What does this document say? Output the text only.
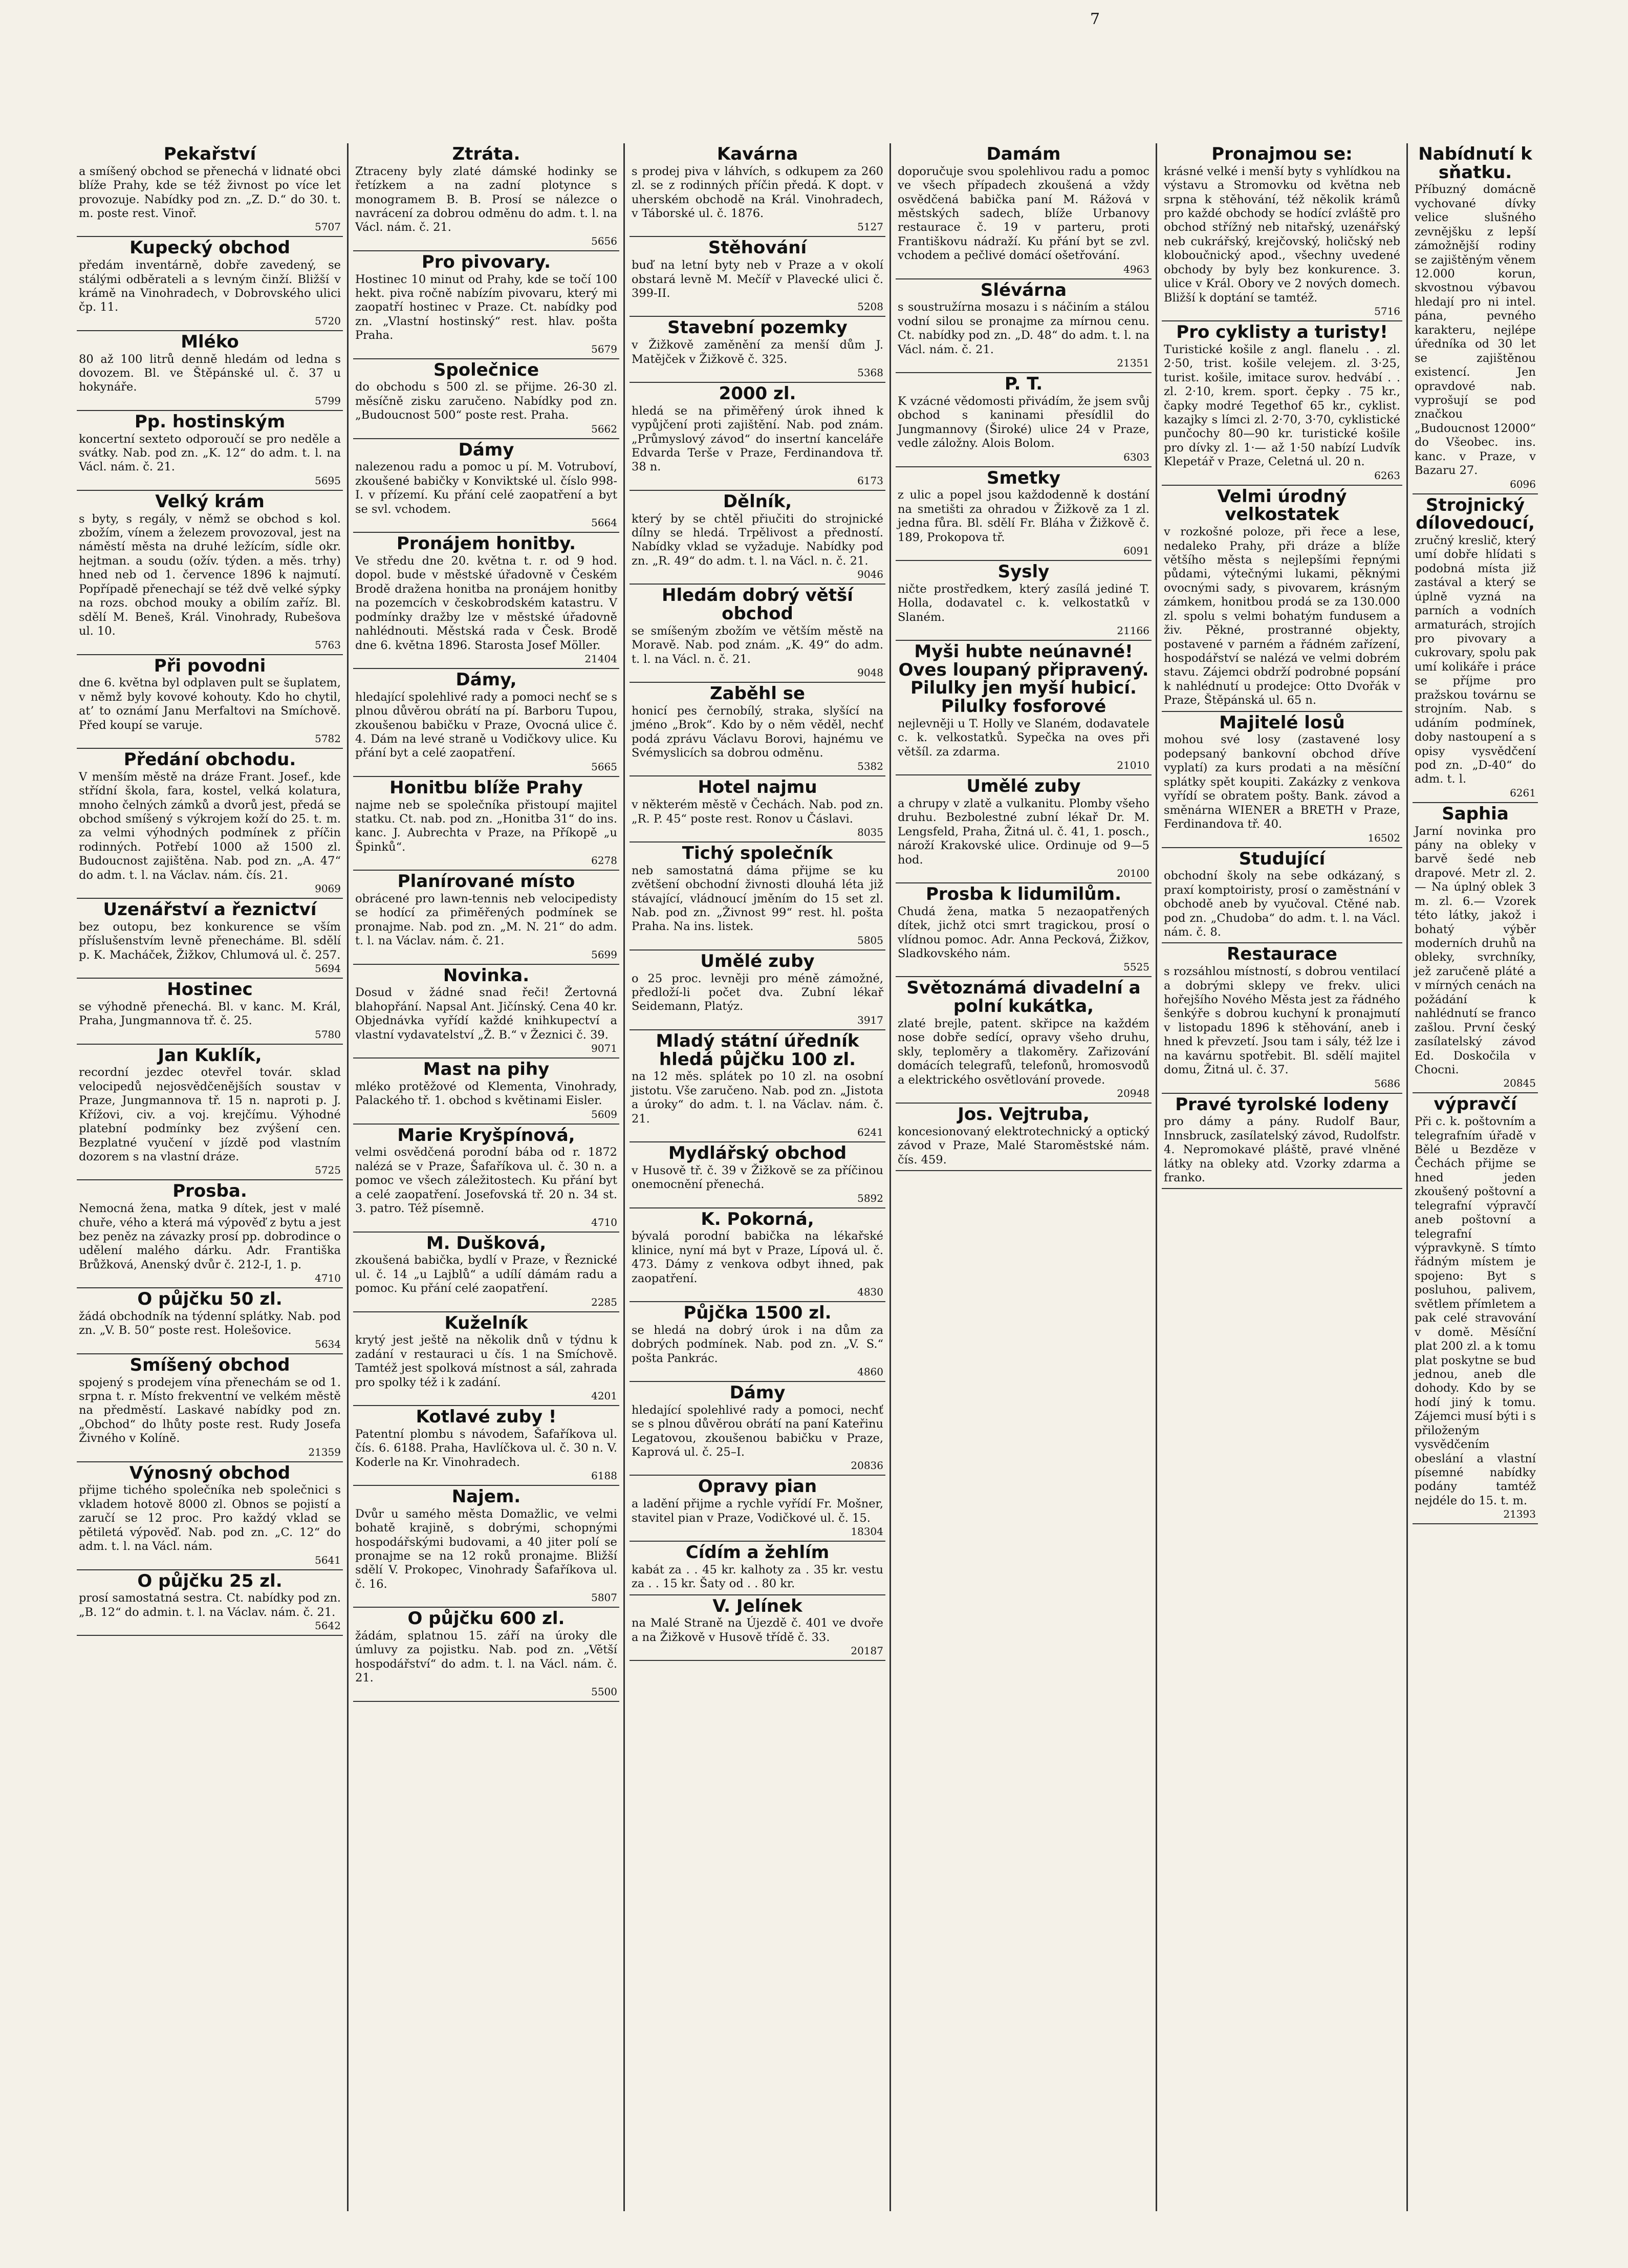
Pekařství

a smíšený obchod se přenechá v lidnaté obci blíže Prahy, kde se též živnost po více let provozuje. Nabídky pod zn. „Z. D.“ do 30. t. m. poste rest. Vinoř.

5707
Kupecký obchod

předám inventárně, dobře zavedený, se stálými odběrateli a s levným činží. Bližší v krámě na Vinohradech, v Dobrovského ulici čp. 11.

5720
Mléko

80 až 100 litrů denně hledám od ledna s dovozem. Bl. ve Štěpánské ul. č. 37 u hokynáře.

5799
Pp. hostinským

koncertní sexteto odporoučí se pro neděle a svátky. Nab. pod zn. „K. 12“ do adm. t. l. na Václ. nám. č. 21.

5695
Velký krám

s byty, s regály, v němž se obchod s kol. zbožím, vínem a železem provozoval, jest na náměstí města na druhé ležícím, sídle okr. hejtman. a soudu (ožív. týden. a měs. trhy) hned neb od 1. července 1896 k najmutí. Popřípadě přenechají se též dvě velké sýpky na rozs. obchod mouky a obilím zaříz. Bl. sdělí M. Beneš, Král. Vinohrady, Rubešova ul. 10.

5763
Při povodni

dne 6. května byl odplaven pult se šuplatem, v němž byly kovové kohouty. Kdo ho chytil, at’ to oznámí Janu Merfaltovi na Smíchově. Před koupí se varuje.

5782
Předání obchodu.

V menším městě na dráze Frant. Josef., kde střídní škola, fara, kostel, velká kolatura, mnoho čelných zámků a dvorů jest, předá se obchod smíšený s výkrojem koží do 25. t. m. za velmi výhodných podmínek z příčin rodinných. Potřebí 1000 až 1500 zl. Budoucnost zajištěna. Nab. pod zn. „A. 47“ do adm. t. l. na Václav. nám. čís. 21.

9069
Uzenářství a řeznictví

bez outopu, bez konkurence se vším příslušenstvím levně přenecháme. Bl. sdělí p. K. Macháček, Žižkov, Chlumová ul. č. 257.

5694
Hostinec

se výhodně přenechá. Bl. v kanc. M. Král, Praha, Jungmannova tř. č. 25.

5780
Jan Kuklík,

recordní jezdec otevřel továr. sklad velocipedů nejosvědčenějších soustav v Praze, Jungmannova tř. 15 n. naproti p. J. Křížovi, civ. a voj. krejčímu. Výhodné platební podmínky bez zvýšení cen. Bezplatné vyučení v jízdě pod vlastním dozorem s na vlastní dráze.

5725
Prosba.

Nemocná žena, matka 9 dítek, jest v malé chuře, vého a která má výpověď z bytu a jest bez peněz na závazky prosí pp. dobrodince o udělení malého dárku. Adr. Františka Brůžková, Anenský dvůr č. 212-I, 1. p.

4710
O půjčku 50 zl.

žádá obchodník na týdenní splátky. Nab. pod zn. „V. B. 50“ poste rest. Holešovice.

5634
Smíšený obchod

spojený s prodejem vína přenechám se od 1. srpna t. r. Místo frekventní ve velkém městě na předměstí. Laskavé nabídky pod zn. „Obchod“ do lhůty poste rest. Rudy Josefa Živného v Kolíně.

21359
Výnosný obchod

přijme tichého společníka neb společnici s vkladem hotově 8000 zl. Obnos se pojistí a zaručí se 12 proc. Pro každý vklad se pětiletá výpověď. Nab. pod zn. „C. 12“ do adm. t. l. na Václ. nám.

5641
O půjčku 25 zl.

prosí samostatná sestra. Ct. nabídky pod zn. „B. 12“ do admin. t. l. na Václav. nám. č. 21.

5642
Ztráta.

Ztraceny byly zlaté dámské hodinky se řetízkem a na zadní plotynce s monogramem B. B. Prosí se nálezce o navrácení za dobrou odměnu do adm. t. l. na Václ. nám. č. 21.

5656
Pro pivovary.

Hostinec 10 minut od Prahy, kde se točí 100 hekt. piva ročně nabízím pivovaru, který mi zaopatří hostinec v Praze. Ct. nabídky pod zn. „Vlastní hostinský“ rest. hlav. pošta Praha.

5679
Společnice

do obchodu s 500 zl. se přijme. 26-30 zl. měsíčně zisku zaručeno. Nabídky pod zn. „Budoucnost 500“ poste rest. Praha.

5662
Dámy

nalezenou radu a pomoc u pí. M. Votruboví, zkoušené babičky v Konviktské ul. číslo 998-I. v přízemí. Ku přání celé zaopatření a byt se svl. vchodem.

5664
Pronájem honitby.

Ve středu dne 20. května t. r. od 9 hod. dopol. bude v městské úřadovně v Českém Brodě dražena honitba na pronájem honitby na pozemcích v českobrodském katastru. V podmínky dražby lze v městské úřadovně nahlédnouti. Městská rada v Česk. Brodě dne 6. května 1896. Starosta Josef Möller.

21404
Dámy,

hledající spolehlivé rady a pomoci nechť se s plnou důvěrou obrátí na pí. Barboru Tupou, zkoušenou babičku v Praze, Ovocná ulice č. 4. Dám na levé straně u Vodičkovy ulice. Ku přání byt a celé zaopatření.

5665
Honitbu blíže Prahy

najme neb se společníka přistoupí majitel statku. Ct. nab. pod zn. „Honitba 31“ do ins. kanc. J. Aubrechta v Praze, na Příkopě „u Špinků“.

6278
Planírované místo

obrácené pro lawn-tennis neb velocipedisty se hodící za přiměřených podmínek se pronajme. Nab. pod zn. „M. N. 21“ do adm. t. l. na Václav. nám. č. 21.

5699
Novinka.

Dosud v žádné snad řeči! Žertovná blahopřání. Napsal Ant. Jičínský. Cena 40 kr. Objednávka vyřídí každé knihkupectví a vlastní vydavatelství „Ž. B.“ v Žeznici č. 39.

9071
Mast na pihy

mléko protěžové od Klementa, Vinohrady, Palackého tř. 1. obchod s květinami Eisler.

5609
Marie Kryšpínová,

velmi osvědčená porodní bába od r. 1872 nalézá se v Praze, Šafaříkova ul. č. 30 n. a pomoc ve všech záležitostech. Ku přání byt a celé zaopatření. Josefovská tř. 20 n. 34 st. 3. patro. Též písemně.

4710
M. Dušková,

zkoušená babička, bydlí v Praze, v Řeznické ul. č. 14 „u Lajblů“ a udílí dámám radu a pomoc. Ku přání celé zaopatření.

2285
Kuželník

krytý jest ještě na několik dnů v týdnu k zadání v restauraci u čís. 1 na Smíchově. Tamtéž jest spolková místnost a sál, zahrada pro spolky též i k zadání.

4201
Kotlavé zuby !

Patentní plombu s návodem, Šafaříkova ul. čís. 6. 6188. Praha, Havlíčkova ul. č. 30 n. V. Koderle na Kr. Vinohradech.

6188
Najem.

Dvůr u samého města Domažlic, ve velmi bohatě krajině, s dobrými, schopnými hospodářskými budovami, a 40 jiter polí se pronajme se na 12 roků pronajme. Bližší sdělí V. Prokopec, Vinohrady Šafaříkova ul. č. 16.

5807
O půjčku 600 zl.

žádám, splatnou 15. září na úroky dle úmluvy za pojistku. Nab. pod zn. „Větší hospodářství“ do adm. t. l. na Václ. nám. č. 21.

5500
Kavárna

s prodej piva v láhvích, s odkupem za 260 zl. se z rodinných příčin předá. K dopt. v uherském obchodě na Král. Vinohradech, v Táborské ul. č. 1876.

5127
Stěhování

buď na letní byty neb v Praze a v okolí obstará levně M. Mečíř v Plavecké ulici č. 399-II.

5208
Stavební pozemky

v Žižkově zaměnění za menší dům J. Matějček v Žižkově č. 325.

5368
2000 zl.

hledá se na přiměřený úrok ihned k vypůjčení proti zajištění. Nab. pod znám. „Průmyslový závod“ do insertní kanceláře Edvarda Terše v Praze, Ferdinandova tř. 38 n.

6173
Dělník,

který by se chtěl přiučiti do strojnické dílny se hledá. Trpělivost a předností. Nabídky vklad se vyžaduje. Nabídky pod zn. „R. 49“ do adm. t. l. na Václ. n. č. 21.

9046
Hledám dobrý větší obchod

se smíšeným zbožím ve větším městě na Moravě. Nab. pod znám. „K. 49“ do adm. t. l. na Václ. n. č. 21.

9048
Zaběhl se

honicí pes černobílý, straka, slyšící na jméno „Brok“. Kdo by o něm věděl, nechť podá zprávu Václavu Borovi, hajnému ve Svémyslicích sa dobrou odměnu.

5382
Hotel najmu

v některém městě v Čechách. Nab. pod zn. „R. P. 45“ poste rest. Ronov u Čáslavi.

8035
Tichý společník

neb samostatná dáma přijme se ku zvětšení obchodní živnosti dlouhá léta již stávající, vládnoucí jměním do 15 set zl. Nab. pod zn. „Živnost 99“ rest. hl. pošta Praha. Na ins. listek.

5805
Umělé zuby

o 25 proc. levněji pro méně zámožné, předloží-li počet dva. Zubní lékař Seidemann, Platýz.

3917
Mladý státní úředník hledá půjčku 100 zl.

na 12 měs. splátek po 10 zl. na osobní jistotu. Vše zaručeno. Nab. pod zn. „Jistota a úroky“ do adm. t. l. na Václav. nám. č. 21.

6241
Mydlářský obchod

v Husově tř. č. 39 v Žižkově se za příčinou onemocnění přenechá.

5892
K. Pokorná,

bývalá porodní babička na lékařské klinice, nyní má byt v Praze, Lípová ul. č. 473. Dámy z venkova odbyt ihned, pak zaopatření.

4830
Půjčka 1500 zl.

se hledá na dobrý úrok i na dům za dobrých podmínek. Nab. pod zn. „V. S.“ pošta Pankrác.

4860
Dámy

hledající spolehlivé rady a pomoci, nechť se s plnou důvěrou obrátí na paní Kateřinu Legatovou, zkoušenou babičku v Praze, Kaprová ul. č. 25–I.

20836
Opravy pian

a ladění přijme a rychle vyřídí Fr. Mošner, stavitel pian v Praze, Vodičkové ul. č. 15.

18304
Cídím a žehlím

kabát za . . 45 kr. kalhoty za . 35 kr. vestu za . . 15 kr. Šaty od . . 80 kr.

V. Jelínek

na Malé Straně na Újezdě č. 401 ve dvoře a na Žižkově v Husově třídě č. 33.

20187
Damám

doporučuje svou spolehlivou radu a pomoc ve všech případech zkoušená a vždy osvědčená babička paní M. Rážová v městských sadech, blíže Urbanovy restaurace č. 19 v parteru, proti Františkovu nádraží. Ku přání byt se zvl. vchodem a pečlivé domácí ošetřování.

4963
Slévárna

s soustružírna mosazu i s náčiním a stálou vodní silou se pronajme za mírnou cenu. Ct. nabídky pod zn. „D. 48“ do adm. t. l. na Václ. nám. č. 21.

21351
P. T.

K vzácné vědomosti přivádím, že jsem svůj obchod s kaninami přesídlil do Jungmannovy (Široké) ulice 24 v Praze, vedle záložny. Alois Bolom.

6303
Smetky

z ulic a popel jsou každodenně k dostání na smetišti za ohradou v Žižkově za 1 zl. jedna fůra. Bl. sdělí Fr. Bláha v Žižkově č. 189, Prokopova tř.

6091
Sysly

ničte prostředkem, který zasílá jediné T. Holla, dodavatel c. k. velkostatků v Slaném.

21166
Myši hubte neúnavné! Oves loupaný připravený. Pilulky jen myší hubicí. Pilulky fosforové

nejlevněji u T. Holly ve Slaném, dodavatele c. k. velkostatků. Sypečka na oves při většíl. za zdarma.

21010
Umělé zuby

a chrupy v zlatě a vulkanitu. Plomby všeho druhu. Bezbolestné zubní lékař Dr. M. Lengsfeld, Praha, Žitná ul. č. 41, 1. posch., nároží Krakovské ulice. Ordinuje od 9—5 hod.

20100
Prosba k lidumilům.

Chudá žena, matka 5 nezaopatřených dítek, jichž otci smrt tragickou, prosí o vlídnou pomoc. Adr. Anna Pecková, Žižkov, Sladkovského nám.

5525
Světoznámá divadelní a polní kukátka,

zlaté brejle, patent. skřipce na každém nose dobře sedící, opravy všeho druhu, skly, teploměry a tlakoměry. Zařizování domácích telegrafů, telefonů, hromosvodů a elektrického osvětlování provede.

20948
Jos. Vejtruba,

koncesionovaný elektrotechnický a optický závod v Praze, Malé Staroměstské nám. čís. 459.

Pronajmou se:

krásné velké i menší byty s vyhlídkou na výstavu a Stromovku od května neb srpna k stěhování, též několik krámů pro každé obchody se hodící zvláště pro obchod střížný neb nitařský, uzenářský neb cukrářský, krejčovský, holičský neb kloboučnický apod., všechny uvedené obchody by byly bez konkurence. 3. ulice v Král. Obory ve 2 nových domech. Bližší k doptání se tamtéž.

5716
Pro cyklisty a turisty!

Turistické košile z angl. flanelu . . zl. 2·50, trist. košile velejem. zl. 3·25, turist. košile, imitace surov. hedvábí . . zl. 2·10, krem. sport. čepky . 75 kr., čapky modré Tegethof 65 kr., cyklist. kazajky s límci zl. 2·70, 3·70, cyklistické punčochy 80—90 kr. turistické košile pro dívky zl. 1·— až 1·50 nabízí Ludvík Klepetář v Praze, Celetná ul. 20 n.

6263
Velmi úrodný velkostatek

v rozkošné poloze, při řece a lese, nedaleko Prahy, při dráze a blíže většího města s nejlepšími řepnými půdami, výtečnými lukami, pěknými ovocnými sady, s pivovarem, krásným zámkem, honitbou prodá se za 130.000 zl. spolu s velmi bohatým fundusem a živ. Pěkné, prostranné objekty, postavené v parném a řádném zařízení, hospodářství se nalézá ve velmi dobrém stavu. Zájemci obdrží podrobné popsání k nahlédnutí u prodejce: Otto Dvořák v Praze, Štěpánská ul. 65 n.

Majitelé losů

mohou své losy (zastavené losy podepsaný bankovní obchod dříve vyplatí) za kurs prodati a na měsíční splátky spět koupiti. Zakázky z venkova vyřídí se obratem pošty. Bank. závod a směnárna WIENER a BRETH v Praze, Ferdinandova tř. 40.

16502
Studující

obchodní školy na sebe odkázaný, s praxí komptoiristy, prosí o zaměstnání v obchodě aneb by vyučoval. Ctěné nab. pod zn. „Chudoba“ do adm. t. l. na Václ. nám. č. 8.

Restaurace

s rozsáhlou místností, s dobrou ventilací a dobrými sklepy ve frekv. ulici hořejšího Nového Města jest za řádného šenkýře s dobrou kuchyní k pronajmutí v listopadu 1896 k stěhování, aneb i hned k převzetí. Jsou tam i sály, též lze i na kavárnu spotřebit. Bl. sdělí majitel domu, Žitná ul. č. 37.

5686
Pravé tyrolské lodeny

pro dámy a pány. Rudolf Baur, Innsbruck, zasílatelský závod, Rudolfstr. 4. Nepromokavé pláště, pravé vlněné látky na obleky atd. Vzorky zdarma a franko.

Nabídnutí k sňatku.

Příbuzný domácně vychované dívky velice slušného zevnějšku z lepší zámožnější rodiny se zajištěným věnem 12.000 korun, skvostnou výbavou hledají pro ni intel. pána, pevného karakteru, nejlépe úředníka od 30 let se zajištěnou existencí. Jen opravdové nab. vyprošují se pod značkou „Budoucnost 12000“ do Všeobec. ins. kanc. v Praze, v Bazaru 27.

6096
Strojnický dílovedoucí,

zručný kreslič, který umí dobře hlídati s podobná místa již zastával a který se úplně vyzná na parních a vodních armaturách, strojích pro pivovary a cukrovary, spolu pak umí kolikáře i práce se příjme pro pražskou továrnu se strojním. Nab. s udáním podmínek, doby nastoupení a s opisy vysvědčení pod zn. „D-40“ do adm. t. l.

6261
Saphia

Jarní novinka pro pány na obleky v barvě šedé neb drapové. Metr zl. 2.— Na úplný oblek 3 m. zl. 6.— Vzorek této látky, jakož i bohatý výběr moderních druhů na obleky, svrchníky, jež zaručeně pláté a v mírných cenách na požádání k nahlédnutí se franco zašlou. První český zasílatelský závod Ed. Doskočila v Chocni.

20845
výpravčí

Při c. k. poštovním a telegrafním úřadě v Bělé u Bezděze v Čechách přijme se hned jeden zkoušený poštovní a telegrafní výpravčí aneb poštovní a telegrafní výpravkyně. S tímto řádným místem je spojeno: Byt s posluhou, palivem, světlem přímletem a pak celé stravování v domě. Měsíční plat 200 zl. a k tomu plat poskytne se bud jednou, aneb dle dohody. Kdo by se hodí jiný k tomu. Zájemci musí býti i s přiloženým vysvědčením obeslání a vlastní písemné nabídky podány tamtéž nejdéle do 15. t. m.

21393
7
